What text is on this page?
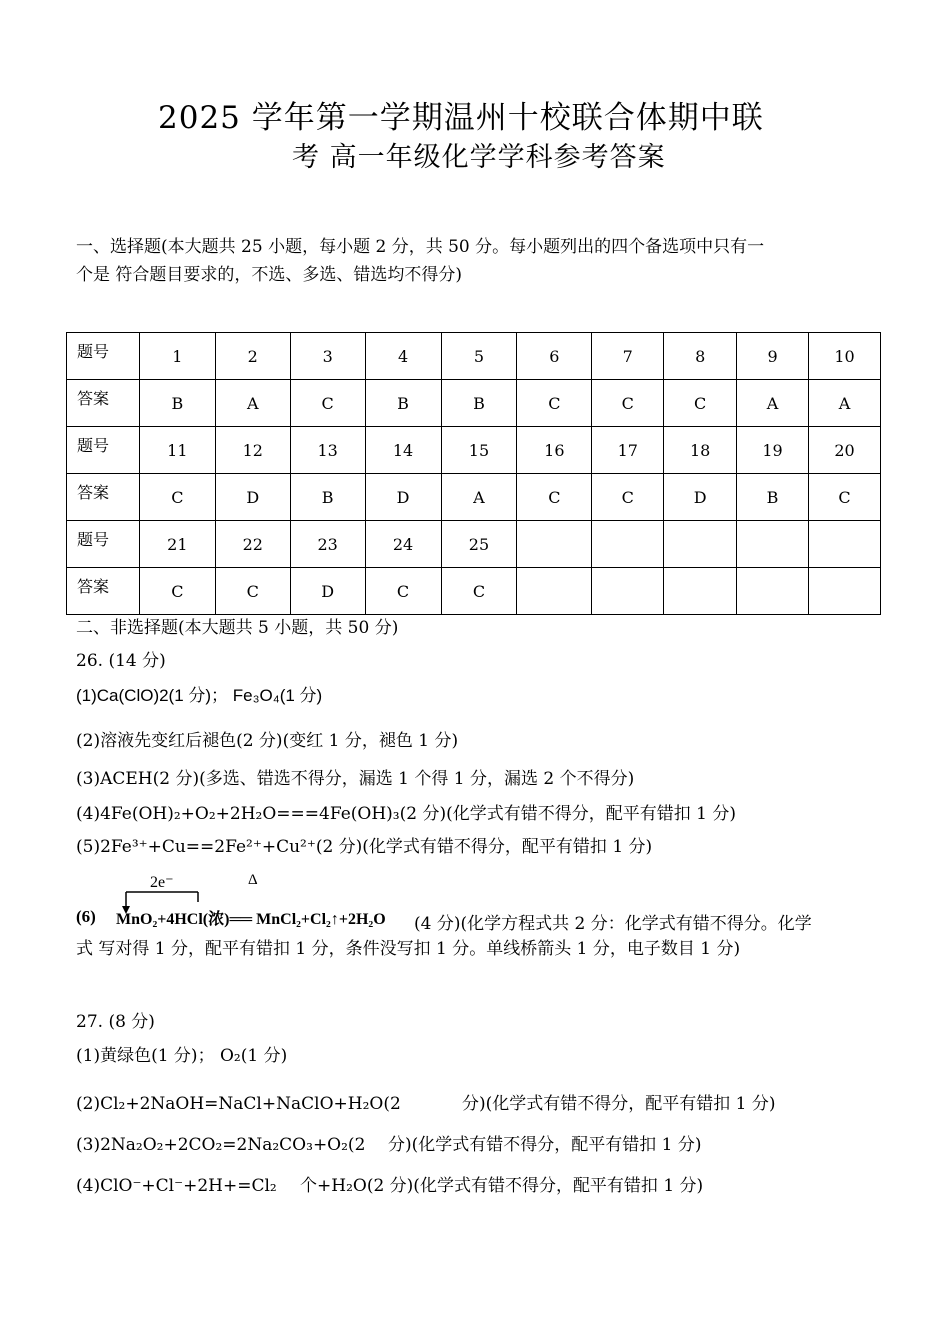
2025 学年第一学期温州十校联合体期中联
考 高一年级化学学科参考答案
一、选择题(本大题共 25 小题，每小题 2 分，共 50 分。每小题列出的四个备选项中只有一
个是 符合题目要求的，不选、多选、错选均不得分)
题号	1	2	3	4	5	6	7	8	9	10
答案	B	A	C	B	B	C	C	C	A	A
题号	11	12	13	14	15	16	17	18	19	20
答案	C	D	B	D	A	C	C	D	B	C
题号	21	22	23	24	25					
答案	C	C	D	C	C					
二、非选择题(本大题共 5 小题，共 50 分)
26. (14 分)
(1)Ca(ClO)2(1 分)； Fe₃O₄(1 分)
(2)溶液先变红后褪色(2 分)(变红 1 分，褪色 1 分)
(3)ACEH(2 分)(多选、错选不得分，漏选 1 个得 1 分，漏选 2 个不得分)
(4)4Fe(OH)₂+O₂+2H₂O===4Fe(OH)₃(2 分)(化学式有错不得分，配平有错扣 1 分)
(5)2Fe³⁺+Cu==2Fe²⁺+Cu²⁺(2 分)(化学式有错不得分，配平有错扣 1 分)
(6)
2e⁻	Δ
MnO₂+4HCl(浓)══ MnCl₂+Cl₂↑+2H₂O (4 分)(化学方程式共 2 分：化学式有错不得分。化学
式 写对得 1 分，配平有错扣 1 分，条件没写扣 1 分。单线桥箭头 1 分，电子数目 1 分)
27. (8 分)
(1)黄绿色(1 分)； O₂(1 分)
(2)Cl₂+2NaOH=NaCl+NaClO+H₂O(2	分)(化学式有错不得分，配平有错扣 1 分)
(3)2Na₂O₂+2CO₂=2Na₂CO₃+O₂(2 分)(化学式有错不得分，配平有错扣 1 分)
(4)ClO⁻+Cl⁻+2H+=Cl₂ 个+H₂O(2 分)(化学式有错不得分，配平有错扣 1 分)
